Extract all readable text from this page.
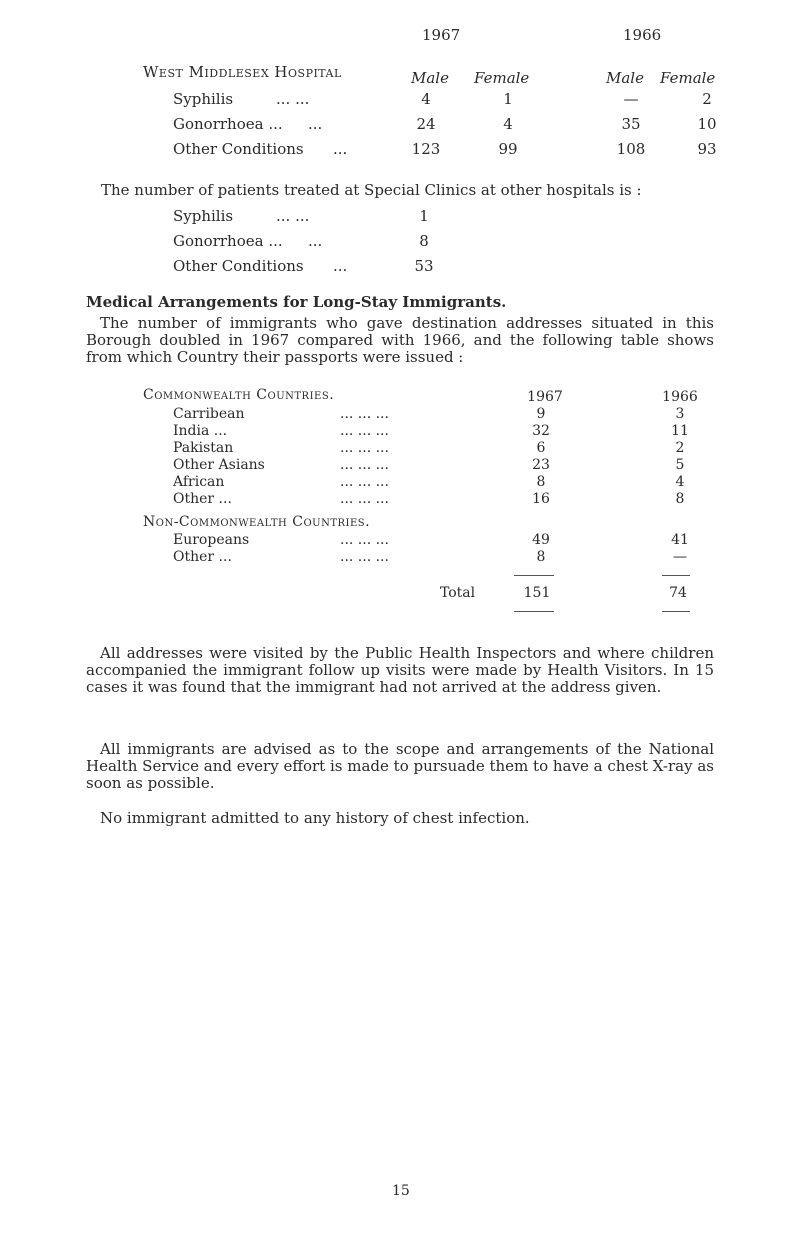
1967	1966
West Middlesex Hospital	Male Female	Male Female
Syphilis	... ...	4	1	—	2
Gonorrhoea ... ...	24	4	35	10
Other Conditions ...	123	99	108	93
The number of patients treated at Special Clinics at other hospitals is :
Syphilis	... ...	1
Gonorrhoea ... ...	8
Other Conditions ...	53
Medical Arrangements for Long-Stay Immigrants.
The number of immigrants who gave destination addresses situated in this Borough doubled in 1967 compared with 1966, and the following table shows from which Country their passports were issued :
Commonwealth Countries.	1967	1966
Carribean	... ... ...	9	3
India ...	... ... ...	32	11
Pakistan	... ... ...	6	2
Other Asians	... ... ...	23	5
African	... ... ...	8	4
Other ...	... ... ...	16	8
Non-Commonwealth Countries.
Europeans	... ... ...	49	41
Other ...	... ... ...	8	—
Total	151	74
All addresses were visited by the Public Health Inspectors and where children accompanied the immigrant follow up visits were made by Health Visitors. In 15 cases it was found that the immigrant had not arrived at the address given.
All immigrants are advised as to the scope and arrangements of the National Health Service and every effort is made to pursuade them to have a chest X-ray as soon as possible.
No immigrant admitted to any history of chest infection.
15
